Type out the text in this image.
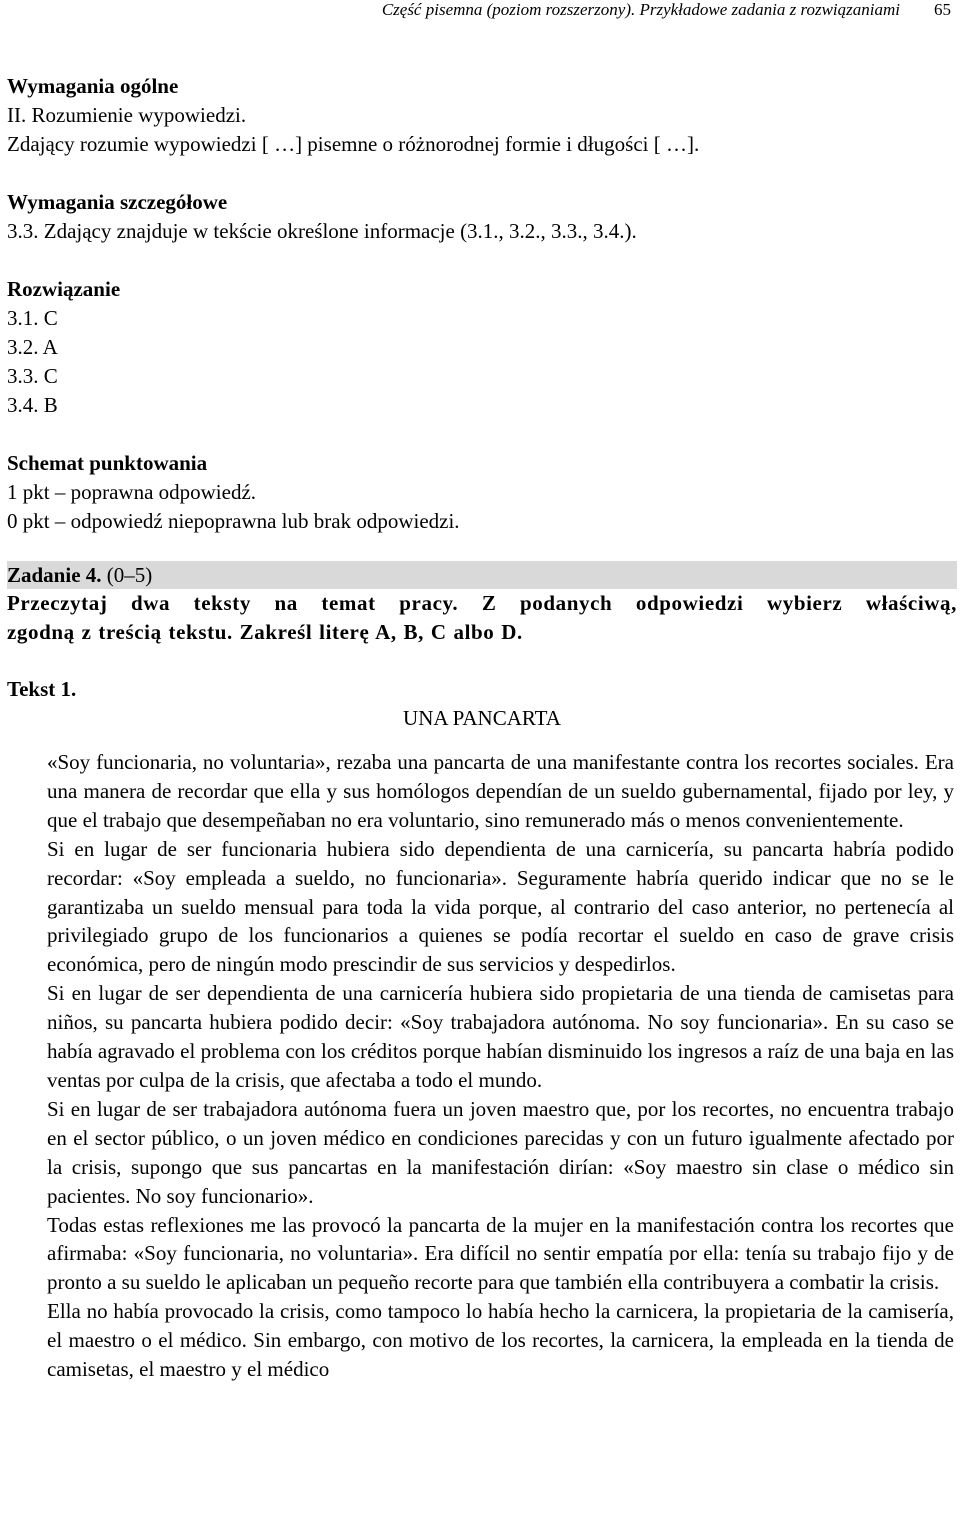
Część pisemna (poziom rozszerzony). Przykładowe zadania z rozwiązaniami 65
Wymagania ogólne
II. Rozumienie wypowiedzi.
Zdający rozumie wypowiedzi [ …] pisemne o różnorodnej formie i długości [ …].
Wymagania szczegółowe
3.3. Zdający znajduje w tekście określone informacje (3.1., 3.2., 3.3., 3.4.).
Rozwiązanie
3.1. C
3.2. A
3.3. C
3.4. B
Schemat punktowania
1 pkt – poprawna odpowiedź.
0 pkt – odpowiedź niepoprawna lub brak odpowiedzi.
Zadanie 4. (0–5)
Przeczytaj dwa teksty na temat pracy. Z podanych odpowiedzi wybierz właściwą,
zgodną z treścią tekstu. Zakreśl literę A, B, C albo D.
Tekst 1.
UNA PANCARTA

«Soy funcionaria, no voluntaria», rezaba una pancarta de una manifestante contra los recortes sociales. Era una manera de recordar que ella y sus homólogos dependían de un sueldo gubernamental, fijado por ley, y que el trabajo que desempeñaban no era voluntario, sino remunerado más o menos convenientemente.

Si en lugar de ser funcionaria hubiera sido dependienta de una carnicería, su pancarta habría podido recordar: «Soy empleada a sueldo, no funcionaria». Seguramente habría querido indicar que no se le garantizaba un sueldo mensual para toda la vida porque, al contrario del caso anterior, no pertenecía al privilegiado grupo de los funcionarios a quienes se podía recortar el sueldo en caso de grave crisis económica, pero de ningún modo prescindir de sus servicios y despedirlos.

Si en lugar de ser dependienta de una carnicería hubiera sido propietaria de una tienda de camisetas para niños, su pancarta hubiera podido decir: «Soy trabajadora autónoma. No soy funcionaria». En su caso se había agravado el problema con los créditos porque habían disminuido los ingresos a raíz de una baja en las ventas por culpa de la crisis, que afectaba a todo el mundo.

Si en lugar de ser trabajadora autónoma fuera un joven maestro que, por los recortes, no encuentra trabajo en el sector público, o un joven médico en condiciones parecidas y con un futuro igualmente afectado por la crisis, supongo que sus pancartas en la manifestación dirían: «Soy maestro sin clase o médico sin pacientes. No soy funcionario».

Todas estas reflexiones me las provocó la pancarta de la mujer en la manifestación contra los recortes que afirmaba: «Soy funcionaria, no voluntaria». Era difícil no sentir empatía por ella: tenía su trabajo fijo y de pronto a su sueldo le aplicaban un pequeño recorte para que también ella contribuyera a combatir la crisis.

Ella no había provocado la crisis, como tampoco lo había hecho la carnicera, la propietaria de la camisería, el maestro o el médico. Sin embargo, con motivo de los recortes, la carnicera, la empleada en la tienda de camisetas, el maestro y el médico
